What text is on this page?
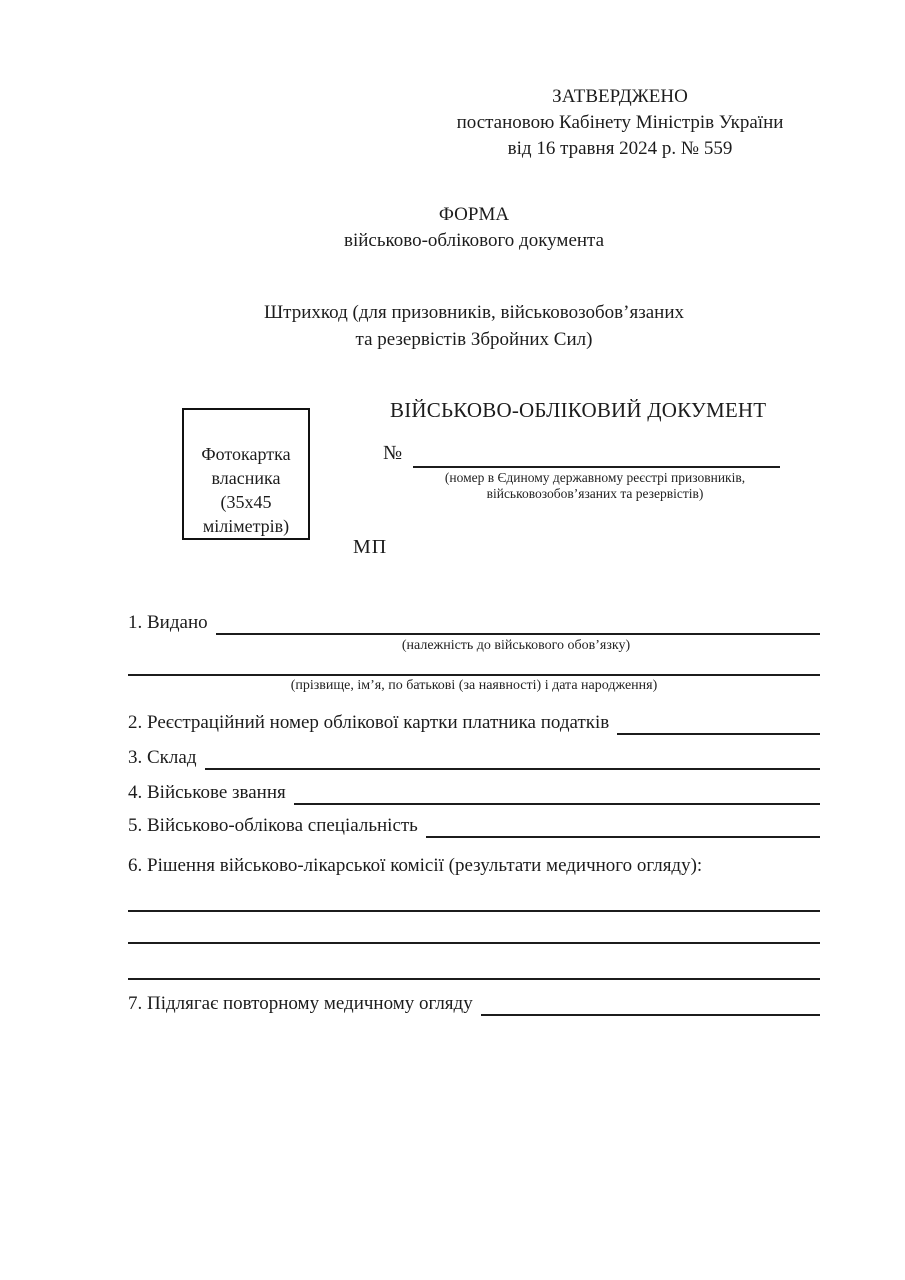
ЗАТВЕРДЖЕНО
постановою Кабінету Міністрів України
від 16 травня 2024 р. № 559
ФОРМА
військово-облікового документа
Штрихкод (для призовників, військовозобов’язаних
та резервістів Збройних Сил)
Фотокартка
власника
(35х45
міліметрів)
ВІЙСЬКОВО-ОБЛІКОВИЙ ДОКУМЕНТ
№
(номер в Єдиному державному реєстрі призовників,
військовозобов’язаних та резервістів)
МП
1. Видано
(належність до військового обов’язку)
(прізвище, ім’я, по батькові (за наявності) і дата народження)
2. Реєстраційний номер облікової картки платника податків
3. Склад
4. Військове звання
5. Військово-облікова спеціальність
6. Рішення військово-лікарської комісії (результати медичного огляду):
7. Підлягає повторному медичному огляду
